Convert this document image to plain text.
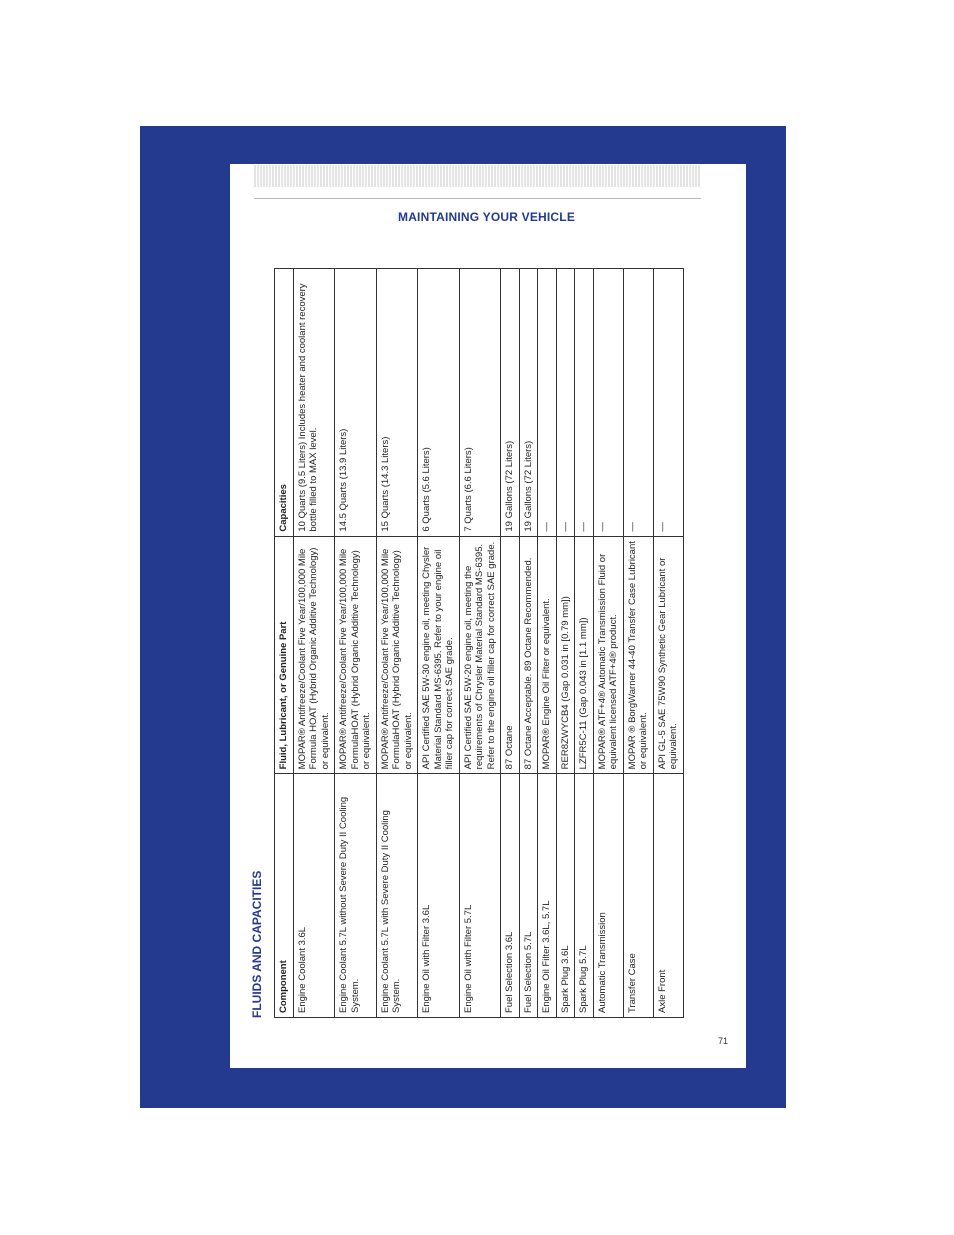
MAINTAINING YOUR VEHICLE
FLUIDS AND CAPACITIES Component	Fluid, Lubricant, or Genuine Part	Capacities
Engine Coolant 3.6L	MOPAR® Antifreeze/Coolant Five Year/100,000 Mile Formula HOAT (Hybrid Organic Additive Technology) or equivalent.	10 Quarts (9.5 Liters) Includes heater and coolant recovery bottle filled to MAX level.
Engine Coolant 5.7L without Severe Duty II Cooling System.	MOPAR® Antifreeze/Coolant Five Year/100,000 Mile FormulaHOAT (Hybrid Organic Additive Technology) or equivalent.	14.5 Quarts (13.9 Liters)
Engine Coolant 5.7L with Severe Duty II Cooling System.	MOPAR® Antifreeze/Coolant Five Year/100,000 Mile FormulaHOAT (Hybrid Organic Additive Technology) or equivalent.	15 Quarts (14.3 Liters)
Engine Oil with Filter 3.6L	API Certified SAE 5W-30 engine oil, meeting Chysler Material Standard MS-6395. Refer to your engine oil filler cap for correct SAE grade.	6 Quarts (5.6 Liters)
Engine Oil with Filter 5.7L	API Certified SAE 5W-20 engine oil, meeting the requirements of Chrysler Material Standard MS-6395. Refer to the engine oil filler cap for correct SAE grade.	7 Quarts (6.6 Liters)
Fuel Selection 3.6L	87 Octane	19 Gallons (72 Liters)
Fuel Selection 5.7L	87 Octane Acceptable. 89 Octane Recommended.	19 Gallons (72 Liters)
Engine Oil Filter 3.6L, 5.7L	MOPAR® Engine Oil Filter or equivalent.	—
Spark Plug 3.6L	RER8ZWYCB4 (Gap 0.031 in [0.79 mm])	—
Spark Plug 5.7L	LZFR5C-11 (Gap 0.043 in [1.1 mm])	—
Automatic Transmission	MOPAR® ATF+4® Automatic Transmission Fluid or equivalent licensed ATF+4® product.	—
Transfer Case	MOPAR ® BorgWarner 44-40 Transfer Case Lubricant or equivalent.	—
Axle Front	API GL-5 SAE 75W90 Synthetic Gear Lubricant or equivalent.	—
71
